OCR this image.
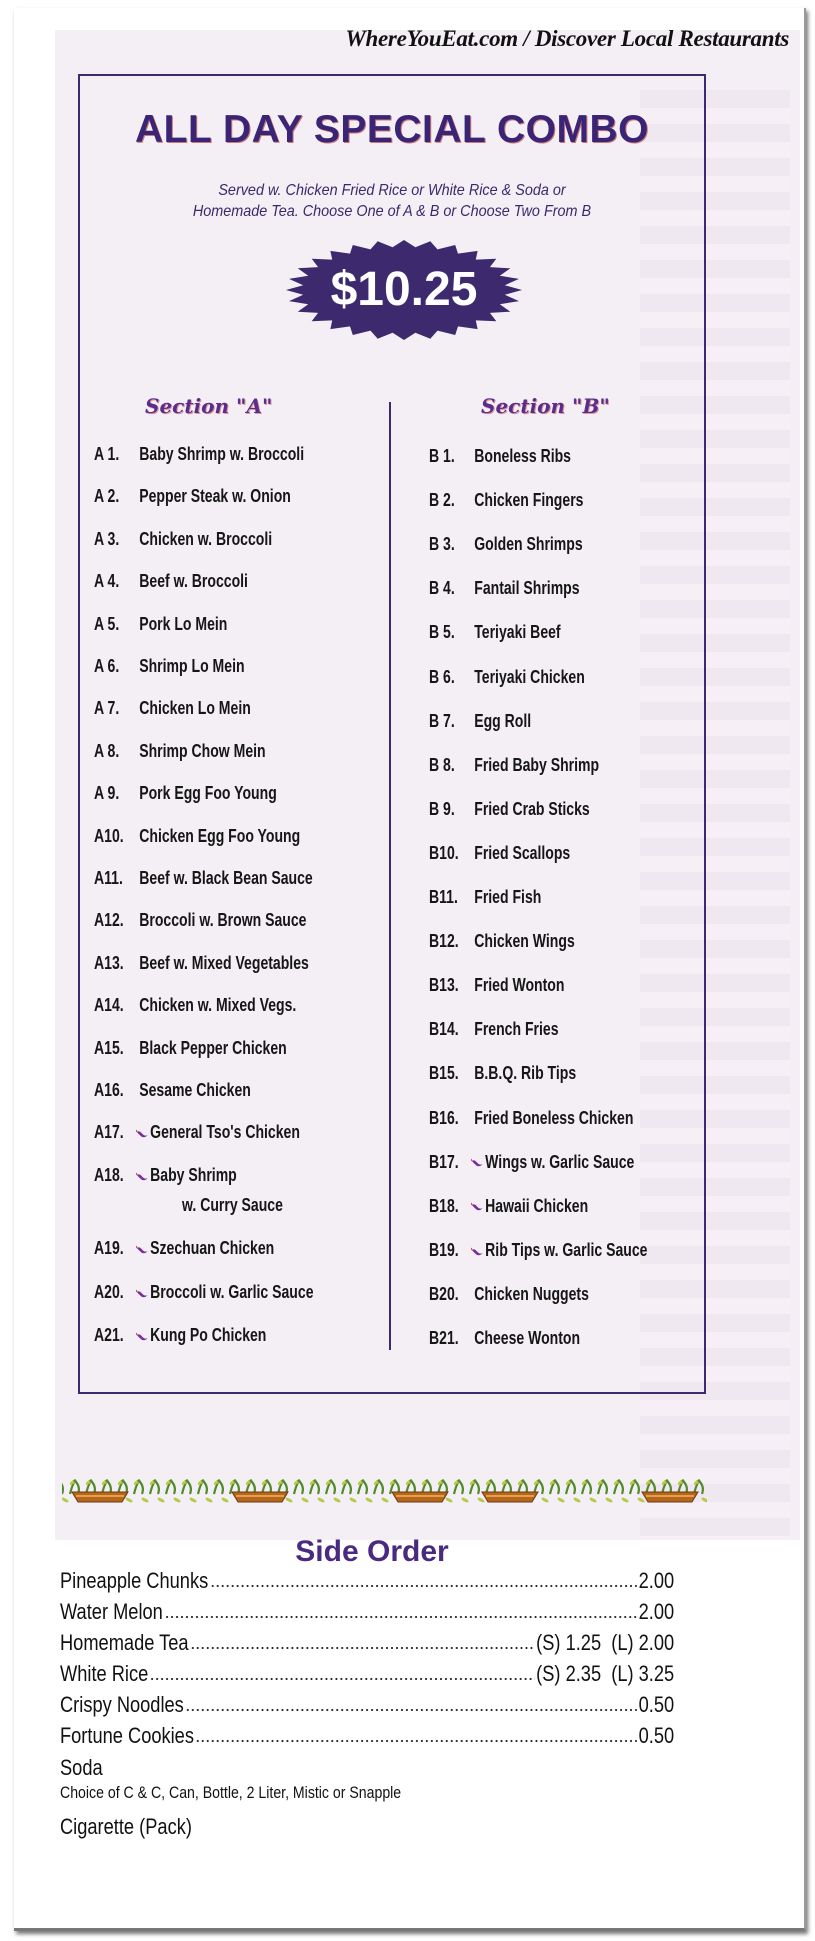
WhereYouEat.com / Discover Local Restaurants
ALL DAY SPECIAL COMBO
Served w. Chicken Fried Rice or White Rice & Soda or
Homemade Tea. Choose One of A & B or Choose Two From B
$10.25
Section "A"	Section "B"
A 1. Baby Shrimp w. Broccoli
A 2. Pepper Steak w. Onion
A 3. Chicken w. Broccoli
A 4. Beef w. Broccoli
A 5. Pork Lo Mein
A 6. Shrimp Lo Mein
A 7. Chicken Lo Mein
A 8. Shrimp Chow Mein
A 9. Pork Egg Foo Young
A10. Chicken Egg Foo Young
A11. Beef w. Black Bean Sauce
A12. Broccoli w. Brown Sauce
A13. Beef w. Mixed Vegetables
A14. Chicken w. Mixed Vegs.
A15. Black Pepper Chicken
A16. Sesame Chicken
A17. General Tso's Chicken
A18. Baby Shrimp
w. Curry Sauce
A19. Szechuan Chicken
A20. Broccoli w. Garlic Sauce
A21. Kung Po Chicken
B 1. Boneless Ribs
B 2. Chicken Fingers
B 3. Golden Shrimps
B 4. Fantail Shrimps
B 5. Teriyaki Beef
B 6. Teriyaki Chicken
B 7. Egg Roll
B 8. Fried Baby Shrimp
B 9. Fried Crab Sticks
B10. Fried Scallops
B11. Fried Fish
B12. Chicken Wings
B13. Fried Wonton
B14. French Fries
B15. B.B.Q. Rib Tips
B16. Fried Boneless Chicken
B17. Wings w. Garlic Sauce
B18. Hawaii Chicken
B19. Rib Tips w. Garlic Sauce
B20. Chicken Nuggets
B21. Cheese Wonton
Side Order
Soda
Choice of C & C, Can, Bottle, 2 Liter, Mistic or Snapple
Cigarette (Pack)
Pineapple Chunks	2.00
Water Melon	2.00
Homemade Tea	(S) 1.25  (L) 2.00
White Rice	(S) 2.35  (L) 3.25
Crispy Noodles	0.50
Fortune Cookies	0.50
